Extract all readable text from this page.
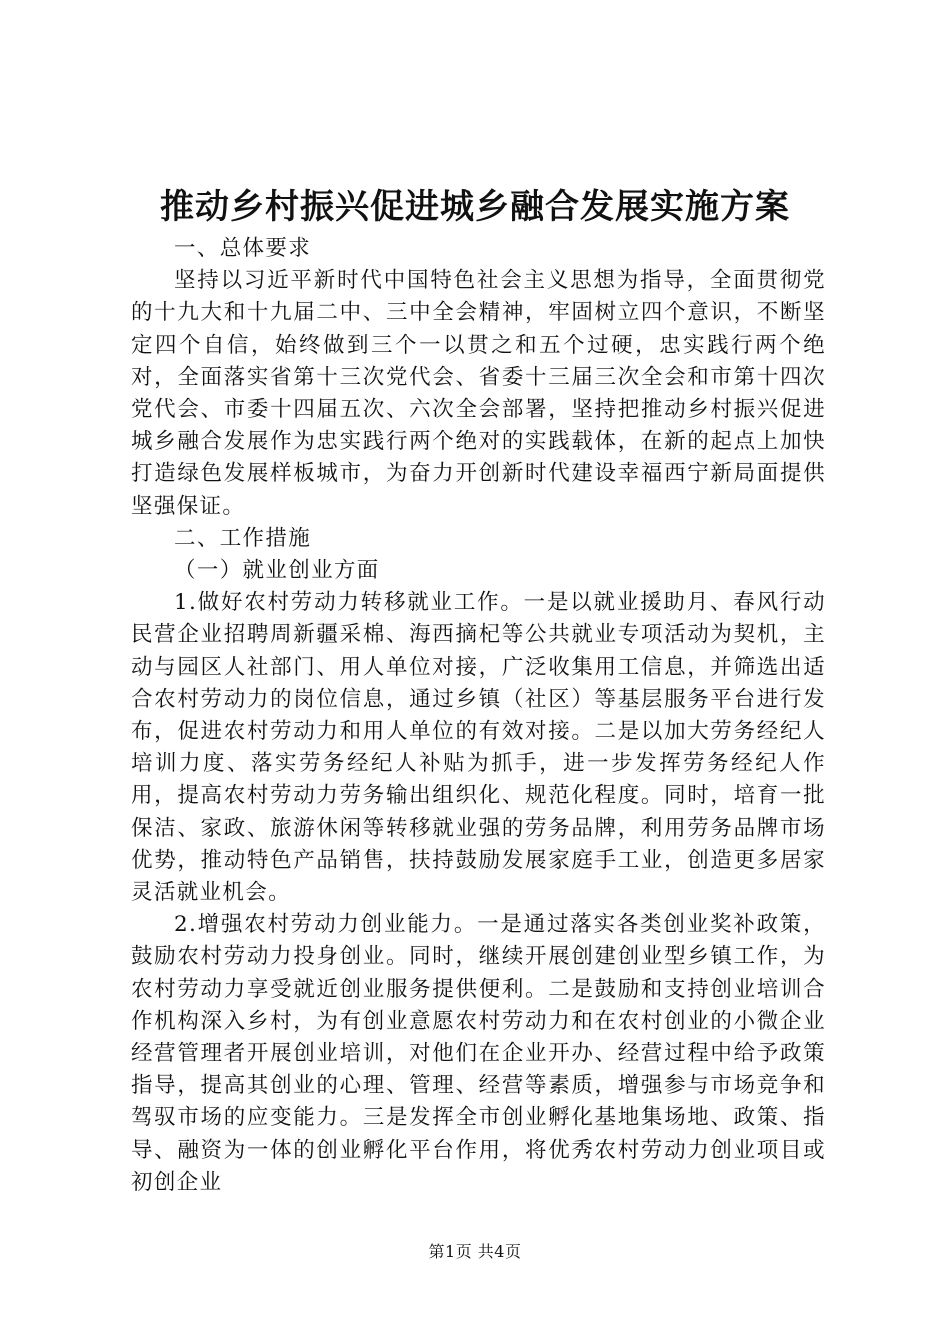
推动乡村振兴促进城乡融合发展实施方案

一、总体要求

坚持以习近平新时代中国特色社会主义思想为指导，全面贯彻党的十九大和十九届二中、三中全会精神，牢固树立四个意识，不断坚定四个自信，始终做到三个一以贯之和五个过硬，忠实践行两个绝对，全面落实省第十三次党代会、省委十三届三次全会和市第十四次党代会、市委十四届五次、六次全会部署，坚持把推动乡村振兴促进城乡融合发展作为忠实践行两个绝对的实践载体，在新的起点上加快打造绿色发展样板城市，为奋力开创新时代建设幸福西宁新局面提供坚强保证。

二、工作措施

（一）就业创业方面

1.做好农村劳动力转移就业工作。一是以就业援助月、春风行动民营企业招聘周新疆采棉、海西摘杞等公共就业专项活动为契机，主动与园区人社部门、用人单位对接，广泛收集用工信息，并筛选出适合农村劳动力的岗位信息，通过乡镇（社区）等基层服务平台进行发布，促进农村劳动力和用人单位的有效对接。二是以加大劳务经纪人培训力度、落实劳务经纪人补贴为抓手，进一步发挥劳务经纪人作用，提高农村劳动力劳务输出组织化、规范化程度。同时，培育一批保洁、家政、旅游休闲等转移就业强的劳务品牌，利用劳务品牌市场优势，推动特色产品销售，扶持鼓励发展家庭手工业，创造更多居家灵活就业机会。

2.增强农村劳动力创业能力。一是通过落实各类创业奖补政策，鼓励农村劳动力投身创业。同时，继续开展创建创业型乡镇工作，为农村劳动力享受就近创业服务提供便利。二是鼓励和支持创业培训合作机构深入乡村，为有创业意愿农村劳动力和在农村创业的小微企业经营管理者开展创业培训，对他们在企业开办、经营过程中给予政策指导，提高其创业的心理、管理、经营等素质，增强参与市场竞争和驾驭市场的应变能力。三是发挥全市创业孵化基地集场地、政策、指导、融资为一体的创业孵化平台作用，将优秀农村劳动力创业项目或初创企业

第1页 共4页
